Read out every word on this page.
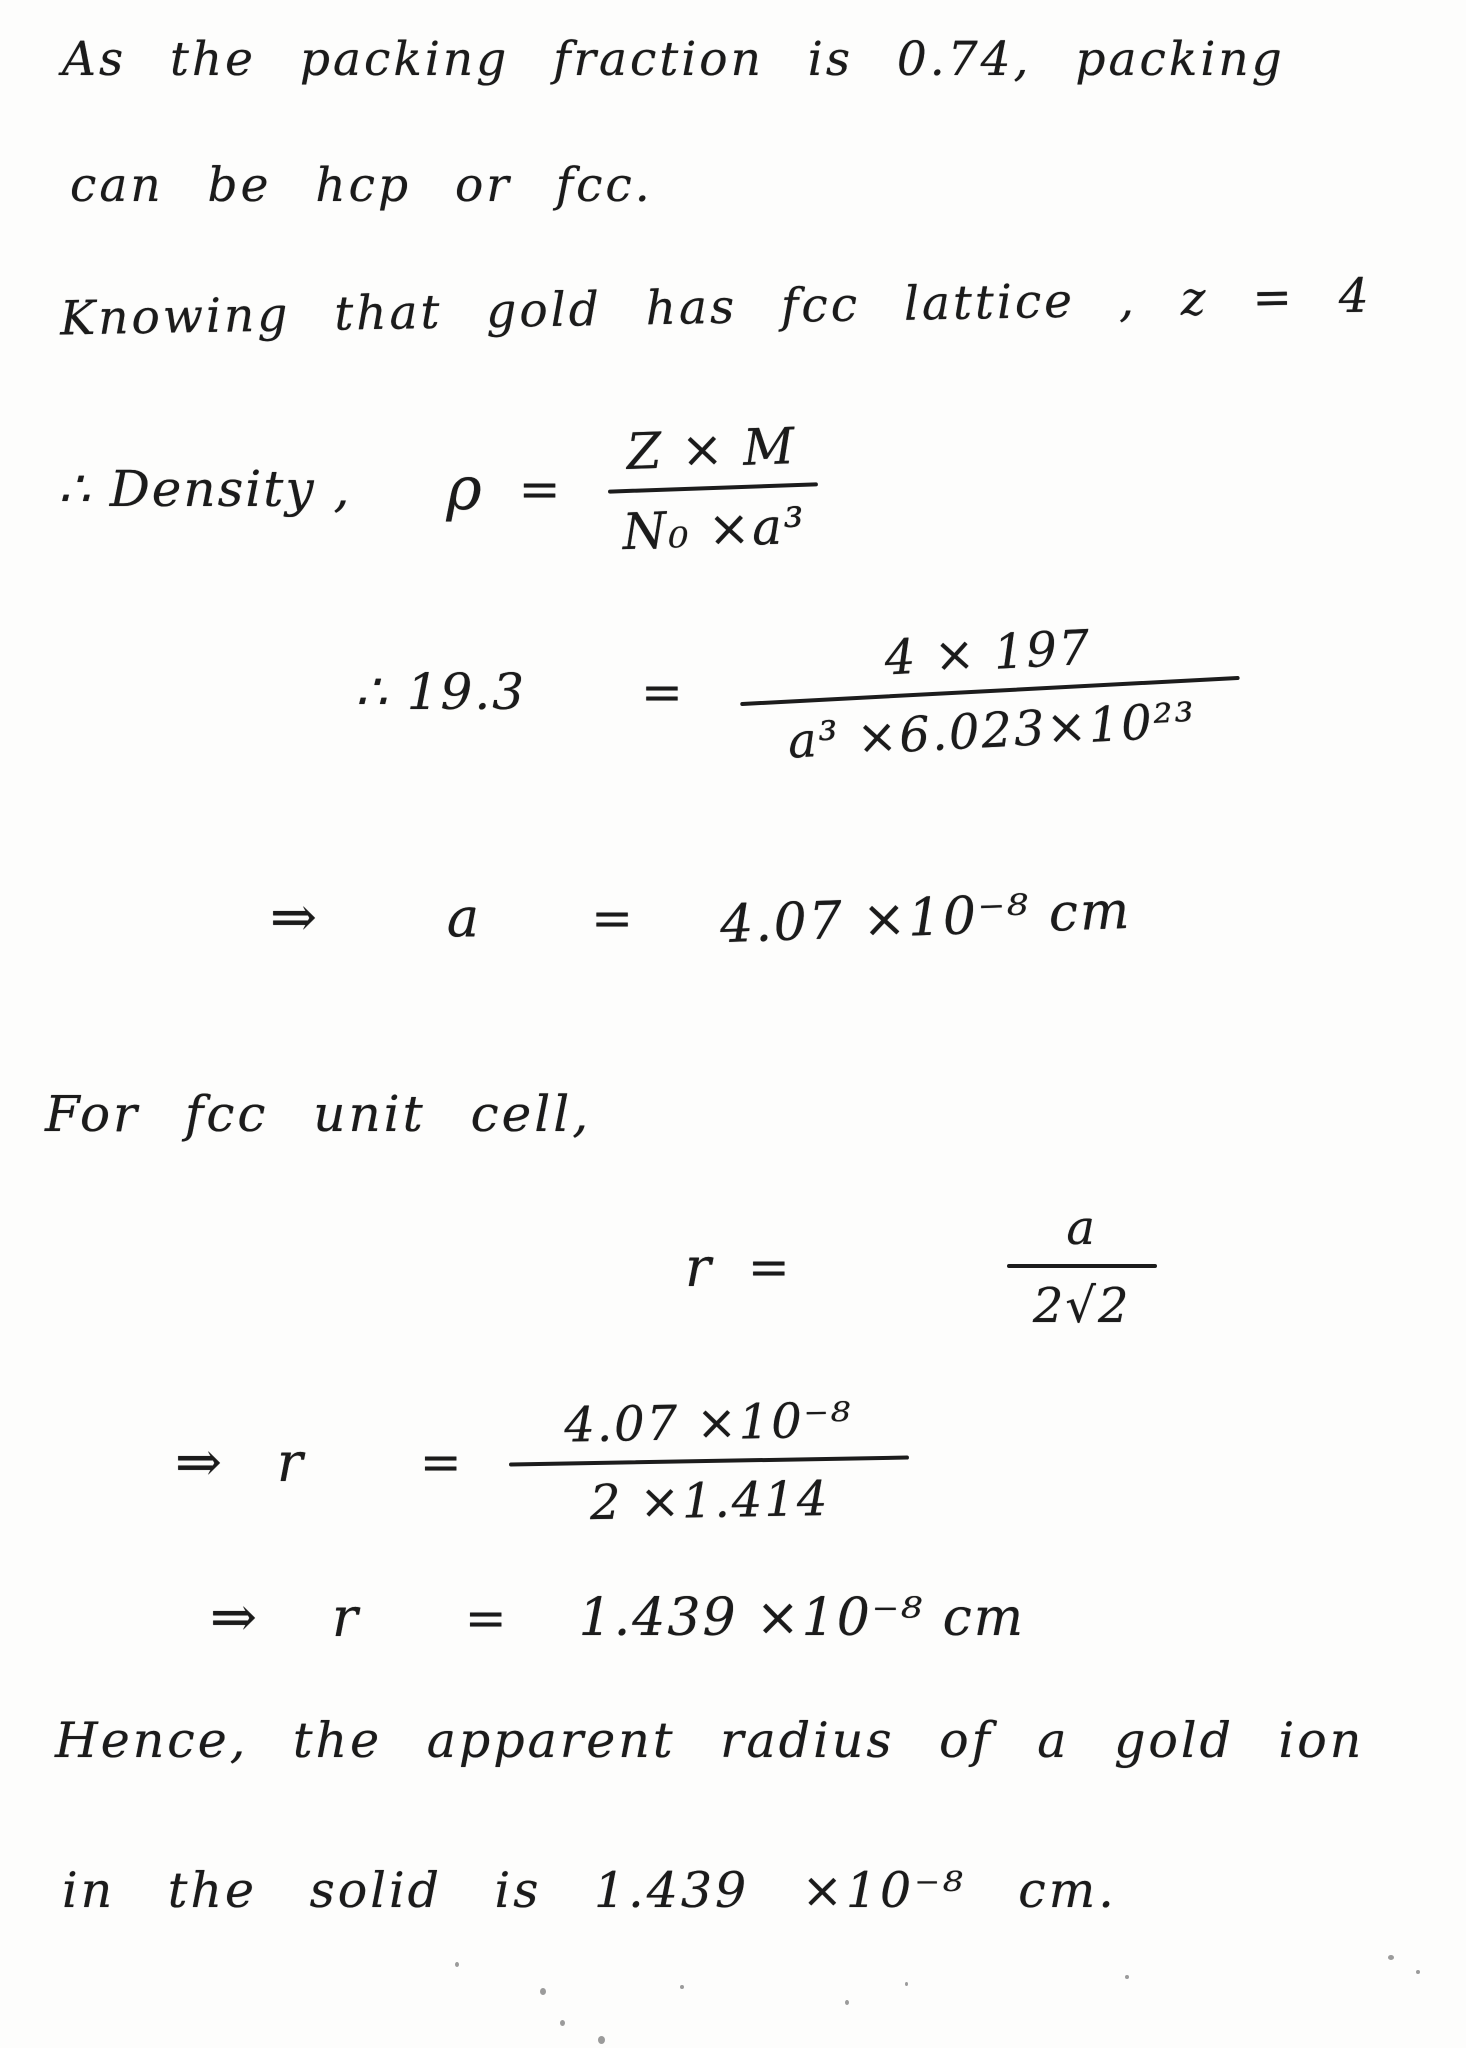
As the packing fraction is 0.74, packing
can be hcp or fcc.
Knowing that gold has fcc lattice , z = 4
∴ Density , ρ =
Z × M
N₀ ×a³
∴ 19.3 =
4 × 197
a³ ×6.023×10²³
⇒ a = 4.07 ×10⁻⁸ cm
For fcc unit cell,
r =	$\frac{a}{2√2}$
⇒ r =
4.07 ×10⁻⁸
2 ×1.414
⇒ r = 1.439 ×10⁻⁸ cm
Hence, the apparent radius of a gold ion
in the solid is 1.439 ×10⁻⁸ cm.
